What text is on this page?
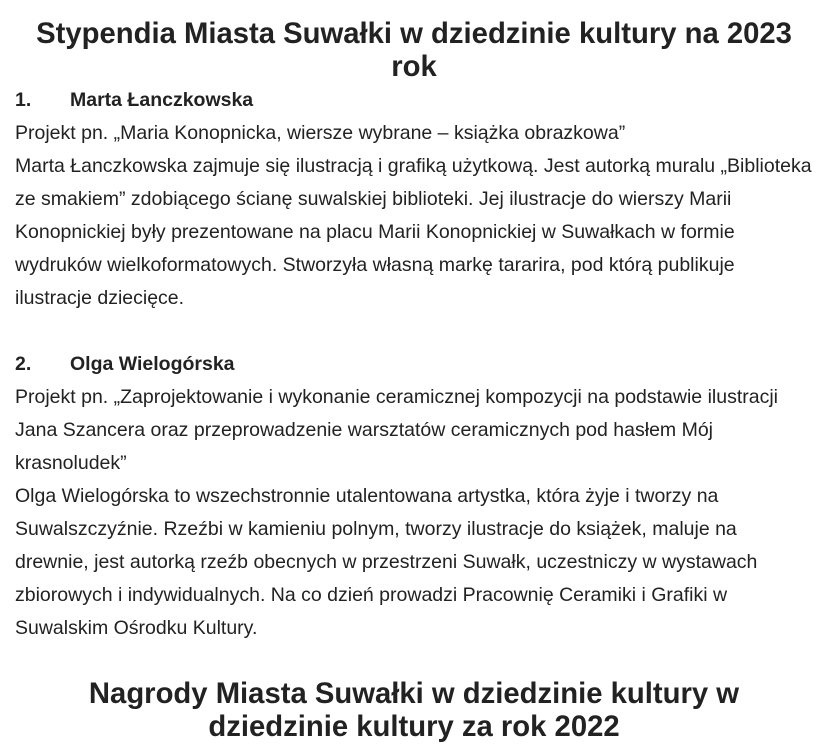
Stypendia Miasta Suwałki w dziedzinie kultury na 2023 rok

1. Marta Łanczkowska

Projekt pn. „Maria Konopnicka, wiersze wybrane – książka obrazkowa”

Marta Łanczkowska zajmuje się ilustracją i grafiką użytkową. Jest autorką muralu „Biblioteka ze smakiem” zdobiącego ścianę suwalskiej biblioteki. Jej ilustracje do wierszy Marii Konopnickiej były prezentowane na placu Marii Konopnickiej w Suwałkach w formie wydruków wielkoformatowych. Stworzyła własną markę tararira, pod którą publikuje ilustracje dziecięce.

2. Olga Wielogórska

Projekt pn. „Zaprojektowanie i wykonanie ceramicznej kompozycji na podstawie ilustracji Jana Szancera oraz przeprowadzenie warsztatów ceramicznych pod hasłem Mój krasnoludek”

Olga Wielogórska to wszechstronnie utalentowana artystka, która żyje i tworzy na Suwalszczyźnie. Rzeźbi w kamieniu polnym, tworzy ilustracje do książek, maluje na drewnie, jest autorką rzeźb obecnych w przestrzeni Suwałk, uczestniczy w wystawach zbiorowych i indywidualnych. Na co dzień prowadzi Pracownię Ceramiki i Grafiki w Suwalskim Ośrodku Kultury.

Nagrody Miasta Suwałki w dziedzinie kultury w dziedzinie kultury za rok 2022
